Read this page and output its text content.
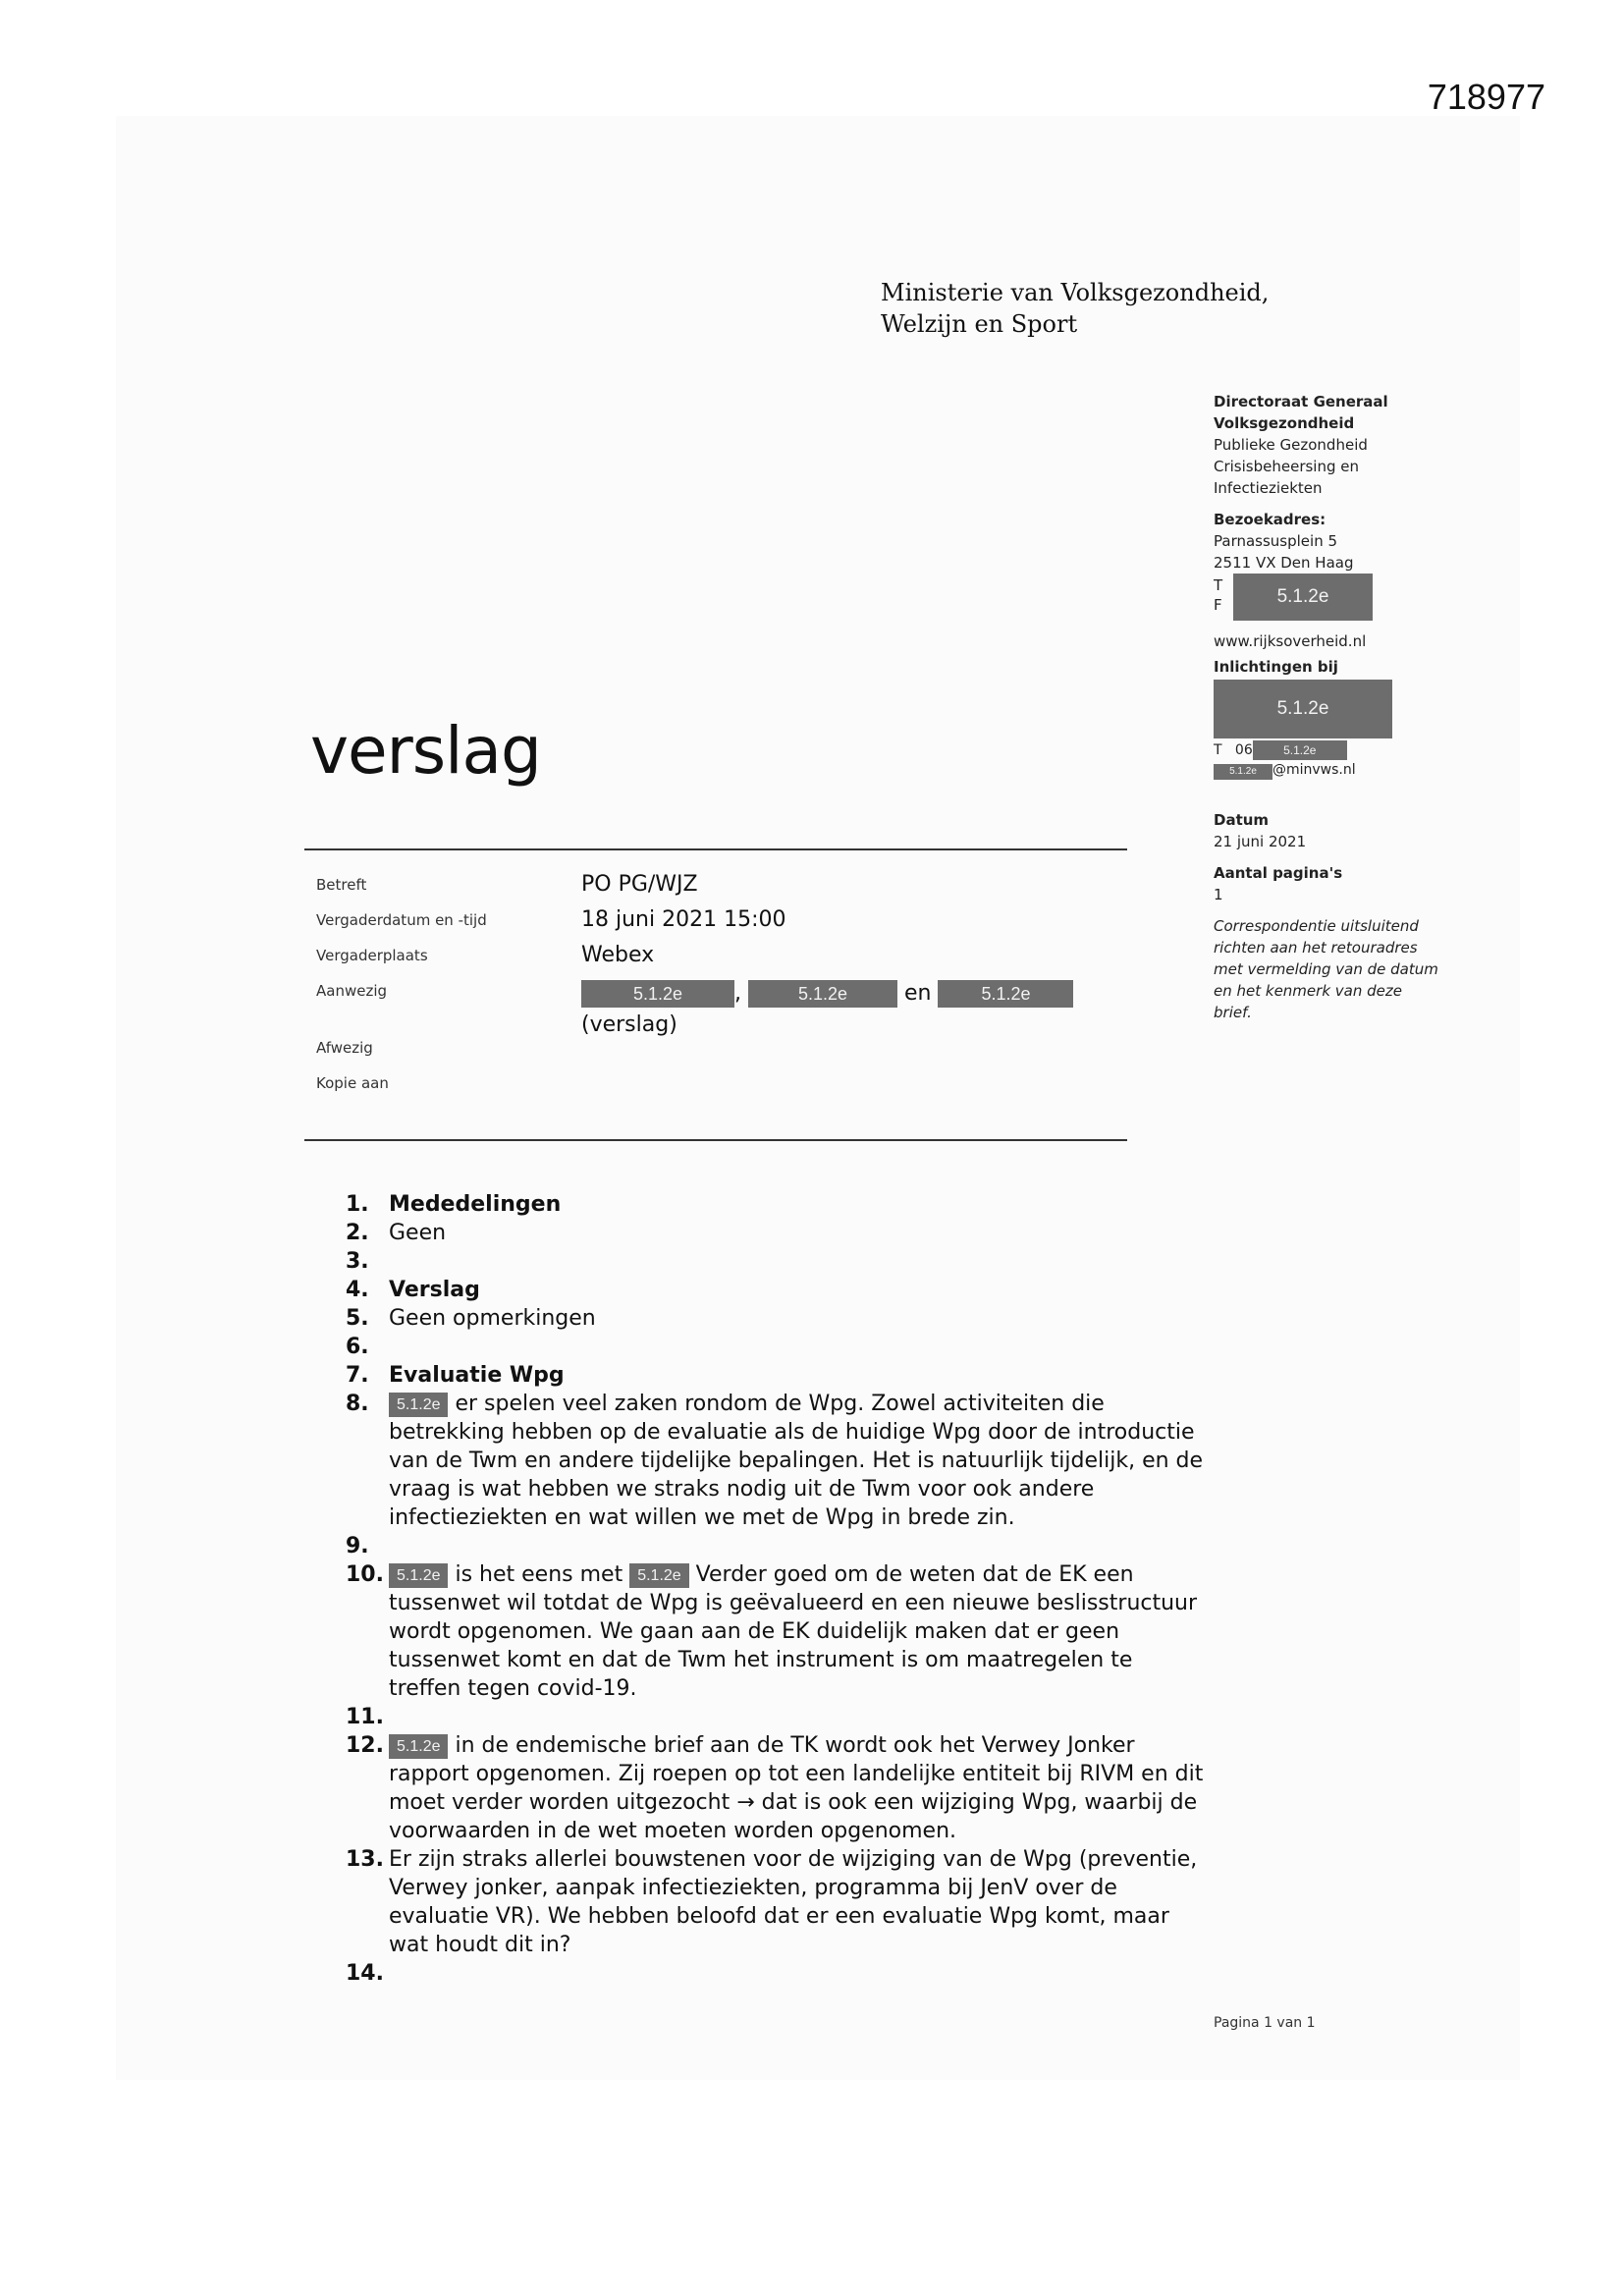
718977
Ministerie van Volksgezondheid,
Welzijn en Sport
Directoraat Generaal
Volksgezondheid
Publieke Gezondheid
Crisisbeheersing en
Infectieziekten
Bezoekadres:
Parnassusplein 5
2511 VX Den Haag
T
F	5.1.2e
www.rijksoverheid.nl
Inlichtingen bij
5.1.2e
T 06	5.1.2e
5.1.2e @minvws.nl
Datum
21 juni 2021
Aantal pagina's
1
Correspondentie uitsluitend
richten aan het retouradres
met vermelding van de datum
en het kenmerk van deze
brief.
verslag
Betreft	PO PG/WJZ
Vergaderdatum en -tijd	18 juni 2021 15:00
Vergaderplaats	Webex
Aanwezig	5.1.2e ,	5.1.2e	en	5.1.2e
(verslag)
Afwezig
Kopie aan
1. Mededelingen
2. Geen
3.
4. Verslag
5. Geen opmerkingen
6.
7. Evaluatie Wpg
8.	5.1.2e er spelen veel zaken rondom de Wpg. Zowel activiteiten die betrekking hebben op de evaluatie als de huidige Wpg door de introductie van de Twm en andere tijdelijke bepalingen. Het is natuurlijk tijdelijk, en de vraag is wat hebben we straks nodig uit de Twm voor ook andere infectieziekten en wat willen we met de Wpg in brede zin.
9.
10. 5.1.2e is het eens met 5.1.2e Verder goed om de weten dat de EK een tussenwet wil totdat de Wpg is geëvalueerd en een nieuwe beslisstructuur wordt opgenomen. We gaan aan de EK duidelijk maken dat er geen tussenwet komt en dat de Twm het instrument is om maatregelen te treffen tegen covid-19.
11.
12. 5.1.2e in de endemische brief aan de TK wordt ook het Verwey Jonker rapport opgenomen. Zij roepen op tot een landelijke entiteit bij RIVM en dit moet verder worden uitgezocht → dat is ook een wijziging Wpg, waarbij de voorwaarden in de wet moeten worden opgenomen.
13. Er zijn straks allerlei bouwstenen voor de wijziging van de Wpg (preventie, Verwey jonker, aanpak infectieziekten, programma bij JenV over de evaluatie VR). We hebben beloofd dat er een evaluatie Wpg komt, maar wat houdt dit in?
14.
Pagina 1 van 1
